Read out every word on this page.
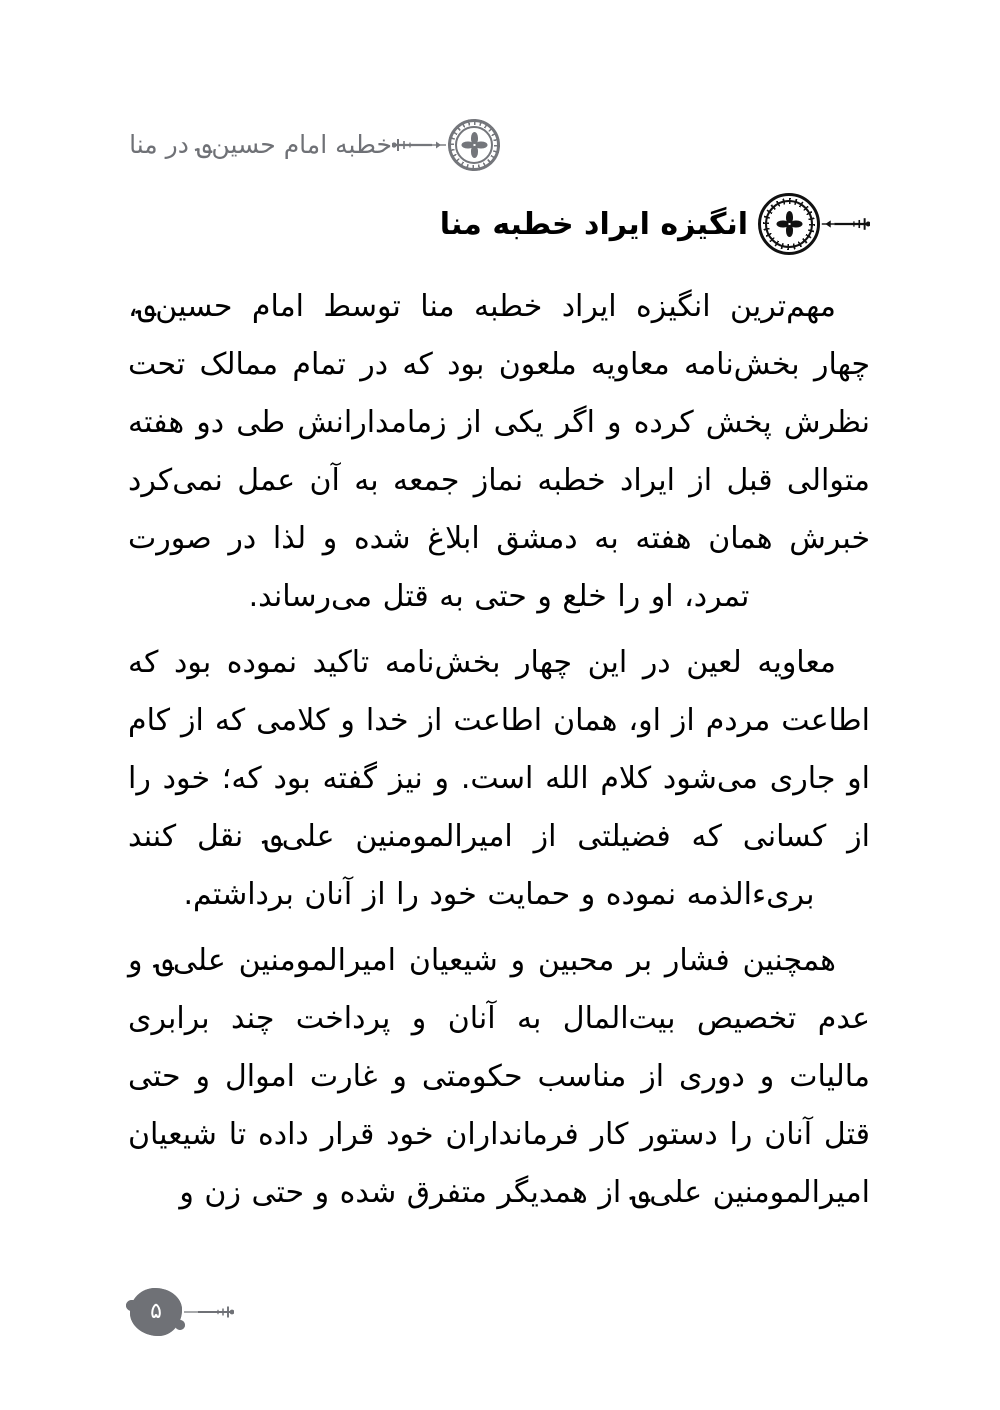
خطبه امام حسین؈ در منا
انگیزه ایراد خطبه منا

مهم‌ترین انگیزه ایراد خطبه منا توسط امام حسین؈، چهار بخش‌نامه معاویه ملعون بود که در تمام ممالک تحت نظرش پخش کرده و اگر یکی از زمامدارانش طی دو هفته متوالی قبل از ایراد خطبه نماز جمعه به آن عمل نمی‌کرد خبرش همان هفته به دمشق ابلاغ شده و لذا در صورت تمرد، او را خلع و حتی به قتل می‌رساند.

معاویه لعین در این چهار بخش‌نامه تاکید نموده بود که اطاعت مردم از او، همان اطاعت از خدا و کلامی که از کام او جاری می‌شود کلام الله است. و نیز گفته بود که؛ خود را از کسانی که فضیلتی از امیرالمومنین علی؈ نقل کنند بری‌ءالذمه نموده و حمایت خود را از آنان برداشتم.

همچنین فشار بر محبین و شیعیان امیرالمومنین علی؈ و عدم تخصیص بیت‌المال به آنان و پرداخت چند برابری مالیات و دوری از مناسب حکومتی و غارت اموال و حتی قتل آنان را دستور کار فرمانداران خود قرار داده تا شیعیان امیرالمومنین علی؈ از همدیگر متفرق شده و حتی زن و

۵
